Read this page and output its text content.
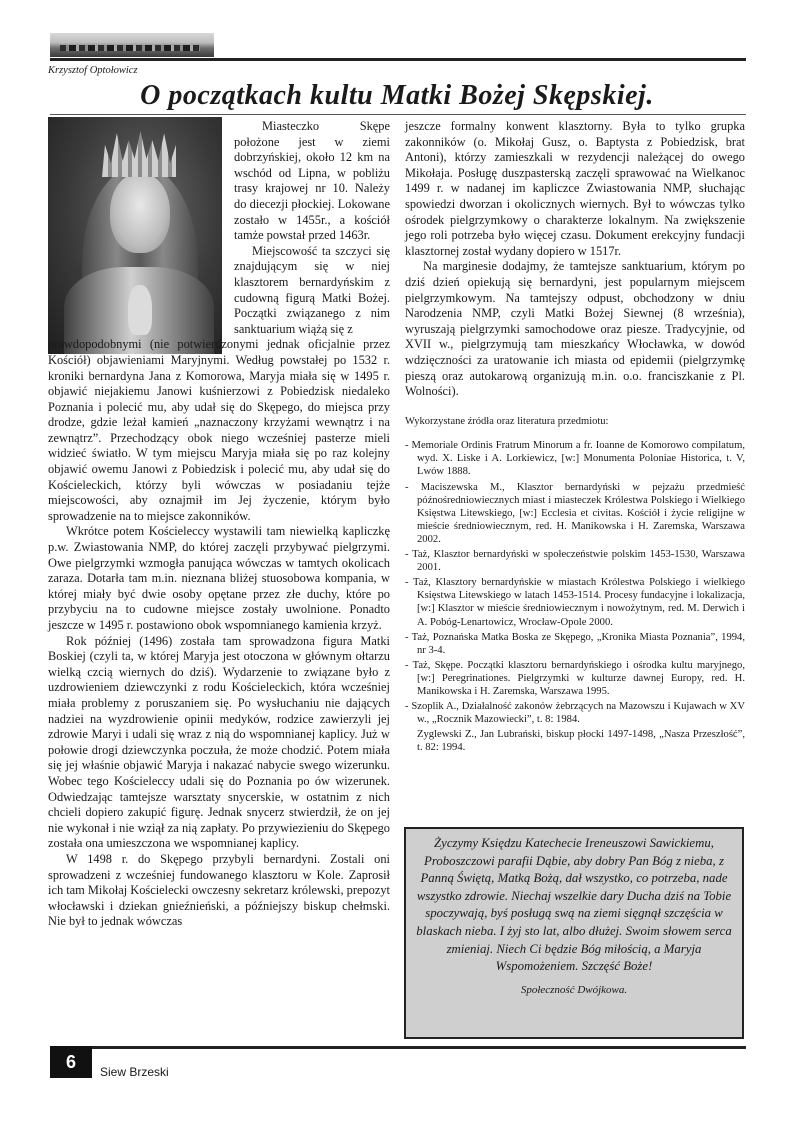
Krzysztof Optołowicz
O początkach kultu Matki Bożej Skępskiej.

Miasteczko Skępe położone jest w ziemi dobrzyńskiej, około 12 km na wschód od Lipna, w pobliżu trasy krajowej nr 10. Należy do diecezji płockiej. Lokowane zostało w 1455r., a kościół tamże powstał przed 1463r.

Miejscowość ta szczyci się znajdującym się w niej klasztorem bernardyńskim z cudowną figurą Matki Bożej. Początki związanego z nim sanktuarium wiążą się z

prawdopodobnymi (nie potwierdzonymi jednak oficjalnie przez Kościół) objawieniami Maryjnymi. Według powstałej po 1532 r. kroniki bernardyna Jana z Komorowa, Maryja miała się w 1495 r. objawić niejakiemu Janowi kuśnierzowi z Pobiedzisk niedaleko Poznania i polecić mu, aby udał się do Skępego, do miejsca przy drodze, gdzie leżał kamień „naznaczony krzyżami wewnątrz i na zewnątrz”. Przechodzący obok niego wcześniej pasterze mieli widzieć światło. W tym miejscu Maryja miała się po raz kolejny objawić owemu Janowi z Pobiedzisk i polecić mu, aby udał się do Kościeleckich, którzy byli wówczas w posiadaniu tejże miejscowości, aby oznajmił im Jej życzenie, którym było sprowadzenie na to miejsce zakonników.

Wkrótce potem Kościeleccy wystawili tam niewielką kapliczkę p.w. Zwiastowania NMP, do której zaczęli przybywać pielgrzymi. Owe pielgrzymki wzmogła panująca wówczas w tamtych okolicach zaraza. Dotarła tam m.in. nieznana bliżej stuosobowa kompania, w której miały być dwie osoby opętane przez złe duchy, które po przybyciu na to cudowne miejsce zostały uwolnione. Ponadto jeszcze w 1495 r. postawiono obok wspomnianego kamienia krzyż.

Rok później (1496) została tam sprowadzona figura Matki Boskiej (czyli ta, w której Maryja jest otoczona w głównym ołtarzu wielką czcią wiernych do dziś). Wydarzenie to związane było z uzdrowieniem dziewczynki z rodu Kościeleckich, która wcześniej miała problemy z poruszaniem się. Po wysłuchaniu nie dających nadziei na wyzdrowienie opinii medyków, rodzice zawierzyli jej zdrowie Maryi i udali się wraz z nią do wspomnianej kaplicy. Już w połowie drogi dziewczynka poczuła, że może chodzić. Potem miała się jej właśnie objawić Maryja i nakazać nabycie swego wizerunku. Wobec tego Kościeleccy udali się do Poznania po ów wizerunek. Odwiedzając tamtejsze warsztaty snycerskie, w ostatnim z nich chcieli dopiero zakupić figurę. Jednak snycerz stwierdził, że on jej nie wykonał i nie wziął za nią zapłaty. Po przywiezieniu do Skępego została ona umieszczona we wspomnianej kaplicy.

W 1498 r. do Skępego przybyli bernardyni. Zostali oni sprowadzeni z wcześniej fundowanego klasztoru w Kole. Zaprosił ich tam Mikołaj Kościelecki owczesny sekretarz królewski, prepozyt włocławski i dziekan gnieźnieński, a późniejszy biskup chełmski. Nie był to jednak wówczas

jeszcze formalny konwent klasztorny. Była to tylko grupka zakonników (o. Mikołaj Gusz, o. Baptysta z Pobiedzisk, brat Antoni), którzy zamieszkali w rezydencji należącej do owego Mikołaja. Posługę duszpasterską zaczęli sprawować na Wielkanoc 1499 r. w nadanej im kapliczce Zwiastowania NMP, słuchając spowiedzi dworzan i okolicznych wiernych. Był to wówczas tylko ośrodek pielgrzymkowy o charakterze lokalnym. Na zwiększenie jego roli potrzeba było więcej czasu. Dokument erekcyjny fundacji klasztornej został wydany dopiero w 1517r.

Na marginesie dodajmy, że tamtejsze sanktuarium, którym po dziś dzień opiekują się bernardyni, jest popularnym miejscem pielgrzymkowym. Na tamtejszy odpust, obchodzony w dniu Narodzenia NMP, czyli Matki Bożej Siewnej (8 września), wyruszają pielgrzymki samochodowe oraz piesze. Tradycyjnie, od XVII w., pielgrzymują tam mieszkańcy Włocławka, w dowód wdzięczności za uratowanie ich miasta od epidemii (pielgrzymkę pieszą oraz autokarową organizują m.in. o.o. franciszkanie z Pl. Wolności).

Wykorzystane źródła oraz literatura przedmiotu:

- Memoriale Ordinis Fratrum Minorum a fr. Ioanne de Komorowo compilatum, wyd. X. Liske i A. Lorkiewicz, [w:] Monumenta Poloniae Historica, t. V, Lwów 1888.
- Maciszewska M., Klasztor bernardyński w pejzażu przedmieść późnośredniowiecznych miast i miasteczek Królestwa Polskiego i Wielkiego Księstwa Litewskiego, [w:] Ecclesia et civitas. Kościół i życie religijne w mieście średniowiecznym, red. H. Manikowska i H. Zaremska, Warszawa 2002.
- Taż, Klasztor bernardyński w społeczeństwie polskim 1453-1530, Warszawa 2001.
- Taż, Klasztory bernardyńskie w miastach Królestwa Polskiego i wielkiego Księstwa Litewskiego w latach 1453-1514. Procesy fundacyjne i lokalizacja, [w:] Klasztor w mieście średniowiecznym i nowożytnym, red. M. Derwich i A. Pobóg-Lenartowicz, Wrocław-Opole 2000.
- Taż, Poznańska Matka Boska ze Skępego, „Kronika Miasta Poznania”, 1994, nr 3-4.
- Taż, Skępe. Początki klasztoru bernardyńskiego i ośrodka kultu maryjnego, [w:] Peregrinationes. Pielgrzymki w kulturze dawnej Europy, red. H. Manikowska i H. Zaremska, Warszawa 1995.
- Szoplik A., Działalność zakonów żebrzących na Mazowszu i Kujawach w XV w., „Rocznik Mazowiecki”, t. 8: 1984.
Zyglewski Z., Jan Lubrański, biskup płocki 1497-1498, „Nasza Przeszłość”, t. 82: 1994.

Życzymy Księdzu Katechecie Ireneuszowi Sawickiemu, Proboszczowi parafii Dąbie, aby dobry Pan Bóg z nieba, z Panną Świętą, Matką Bożą, dał wszystko, co potrzeba, nade wszystko zdrowie. Niechaj wszelkie dary Ducha dziś na Tobie spoczywają, byś posługą swą na ziemi sięgnął szczęścia w blaskach nieba. I żyj sto lat, albo dłużej. Swoim słowem serca zmieniaj. Niech Ci będzie Bóg miłością, a Maryja Wspomożeniem. Szczęść Boże!

Społeczność Dwójkowa.

6
Siew Brzeski
